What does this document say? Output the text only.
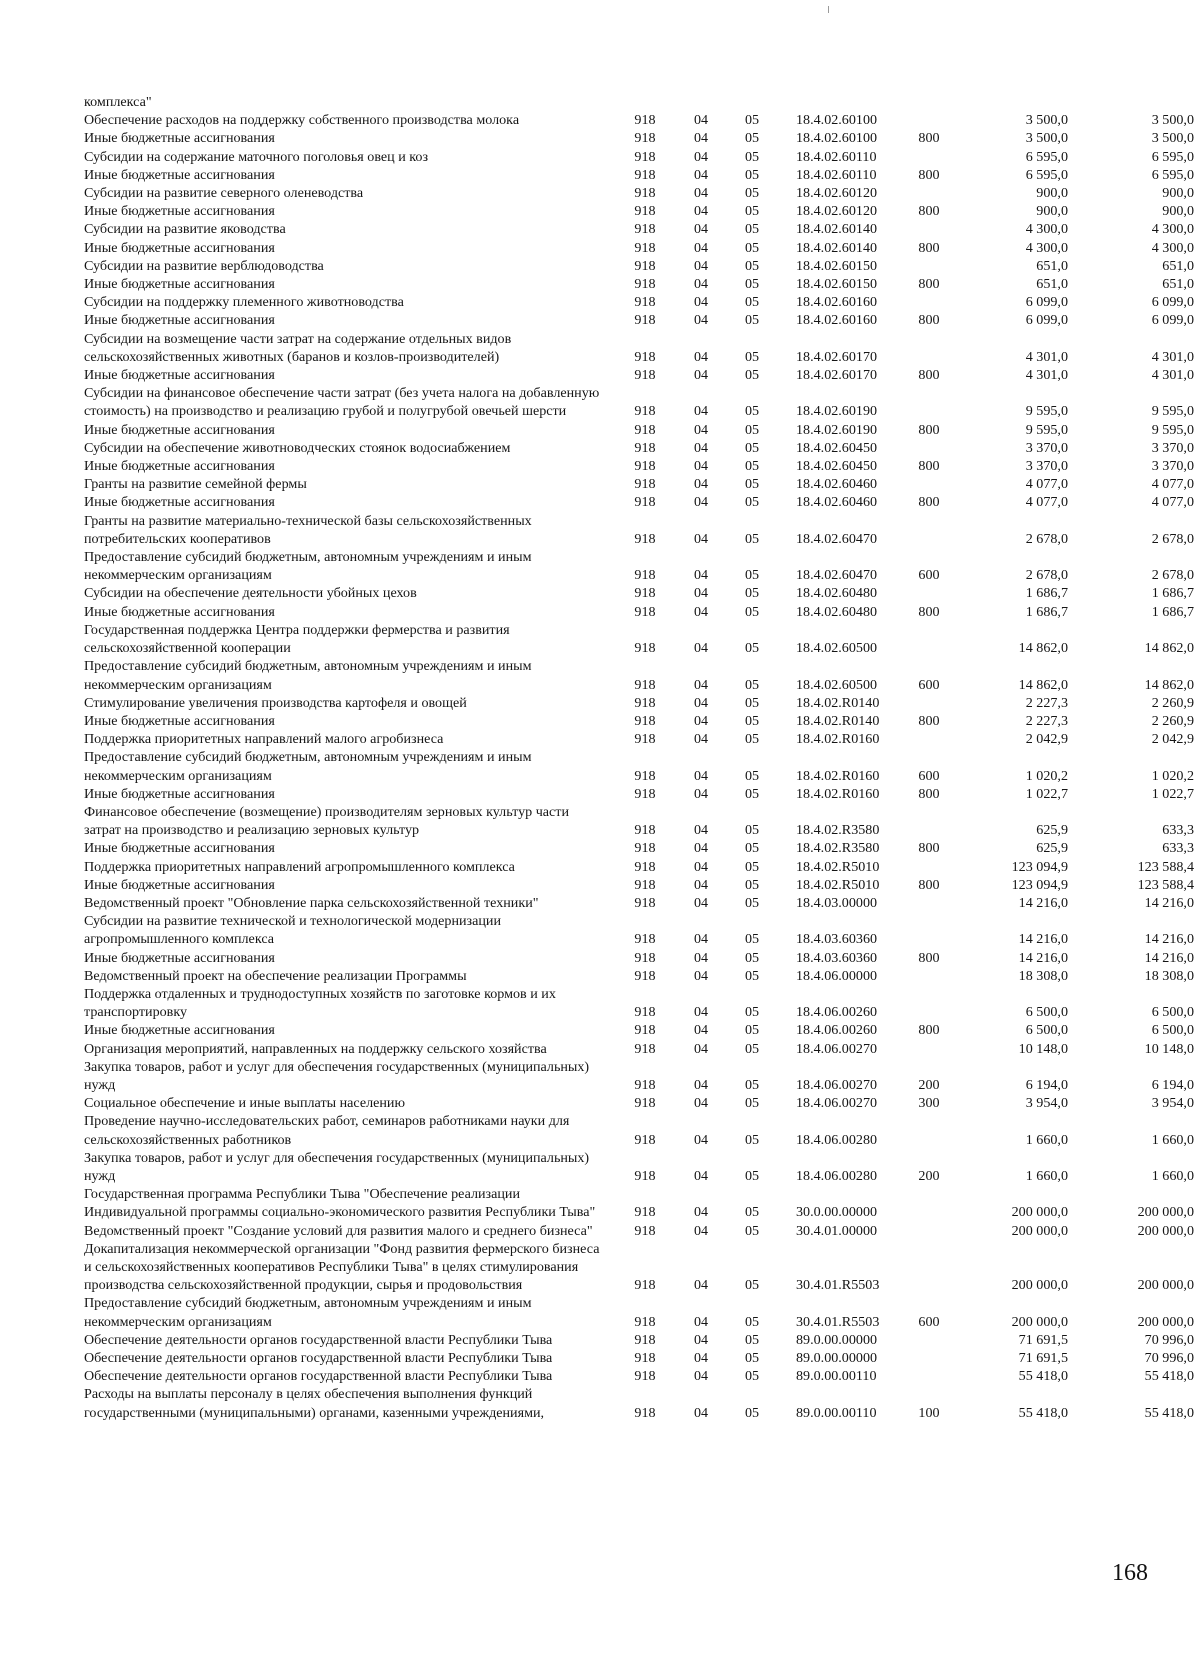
комплекса"							
Обеспечение расходов на поддержку собственного производства молока	918	04	05	18.4.02.60100		3 500,0	3 500,0
Иные бюджетные ассигнования	918	04	05	18.4.02.60100	800	3 500,0	3 500,0
Субсидии на содержание маточного поголовья овец и коз	918	04	05	18.4.02.60110		6 595,0	6 595,0
Иные бюджетные ассигнования	918	04	05	18.4.02.60110	800	6 595,0	6 595,0
Субсидии на развитие северного оленеводства	918	04	05	18.4.02.60120		900,0	900,0
Иные бюджетные ассигнования	918	04	05	18.4.02.60120	800	900,0	900,0
Субсидии на развитие яководства	918	04	05	18.4.02.60140		4 300,0	4 300,0
Иные бюджетные ассигнования	918	04	05	18.4.02.60140	800	4 300,0	4 300,0
Субсидии на развитие верблюдоводства	918	04	05	18.4.02.60150		651,0	651,0
Иные бюджетные ассигнования	918	04	05	18.4.02.60150	800	651,0	651,0
Субсидии на поддержку племенного животноводства	918	04	05	18.4.02.60160		6 099,0	6 099,0
Иные бюджетные ассигнования	918	04	05	18.4.02.60160	800	6 099,0	6 099,0
Субсидии на возмещение части затрат на содержание отдельных видов сельскохозяйственных животных (баранов и козлов-производителей)	918	04	05	18.4.02.60170		4 301,0	4 301,0
Иные бюджетные ассигнования	918	04	05	18.4.02.60170	800	4 301,0	4 301,0
Субсидии на финансовое обеспечение части затрат (без учета налога на добавленную стоимость) на производство и реализацию грубой и полугрубой овечьей шерсти	918	04	05	18.4.02.60190		9 595,0	9 595,0
Иные бюджетные ассигнования	918	04	05	18.4.02.60190	800	9 595,0	9 595,0
Субсидии на обеспечение животноводческих стоянок водосиабжением	918	04	05	18.4.02.60450		3 370,0	3 370,0
Иные бюджетные ассигнования	918	04	05	18.4.02.60450	800	3 370,0	3 370,0
Гранты на развитие семейной фермы	918	04	05	18.4.02.60460		4 077,0	4 077,0
Иные бюджетные ассигнования	918	04	05	18.4.02.60460	800	4 077,0	4 077,0
Гранты на развитие материально-технической базы сельскохозяйственных потребительских кооперативов	918	04	05	18.4.02.60470		2 678,0	2 678,0
Предоставление субсидий бюджетным, автономным учреждениям и иным некоммерческим организациям	918	04	05	18.4.02.60470	600	2 678,0	2 678,0
Субсидии на обеспечение деятельности убойных цехов	918	04	05	18.4.02.60480		1 686,7	1 686,7
Иные бюджетные ассигнования	918	04	05	18.4.02.60480	800	1 686,7	1 686,7
Государственная поддержка Центра поддержки фермерства и развития сельскохозяйственной кооперации	918	04	05	18.4.02.60500		14 862,0	14 862,0
Предоставление субсидий бюджетным, автономным учреждениям и иным некоммерческим организациям	918	04	05	18.4.02.60500	600	14 862,0	14 862,0
Стимулирование увеличения производства картофеля и овощей	918	04	05	18.4.02.R0140		2 227,3	2 260,9
Иные бюджетные ассигнования	918	04	05	18.4.02.R0140	800	2 227,3	2 260,9
Поддержка приоритетных направлений малого агробизнеса	918	04	05	18.4.02.R0160		2 042,9	2 042,9
Предоставление субсидий бюджетным, автономным учреждениям и иным некоммерческим организациям	918	04	05	18.4.02.R0160	600	1 020,2	1 020,2
Иные бюджетные ассигнования	918	04	05	18.4.02.R0160	800	1 022,7	1 022,7
Финансовое обеспечение (возмещение) производителям зерновых культур части затрат на производство и реализацию зерновых культур	918	04	05	18.4.02.R3580		625,9	633,3
Иные бюджетные ассигнования	918	04	05	18.4.02.R3580	800	625,9	633,3
Поддержка приоритетных направлений агропромышленного комплекса	918	04	05	18.4.02.R5010		123 094,9	123 588,4
Иные бюджетные ассигнования	918	04	05	18.4.02.R5010	800	123 094,9	123 588,4
Ведомственный проект "Обновление парка сельскохозяйственной техники"	918	04	05	18.4.03.00000		14 216,0	14 216,0
Субсидии на развитие технической и технологической модернизации агропромышленного комплекса	918	04	05	18.4.03.60360		14 216,0	14 216,0
Иные бюджетные ассигнования	918	04	05	18.4.03.60360	800	14 216,0	14 216,0
Ведомственный проект на обеспечение реализации Программы	918	04	05	18.4.06.00000		18 308,0	18 308,0
Поддержка отдаленных и труднодоступных хозяйств по заготовке кормов и их транспортировку	918	04	05	18.4.06.00260		6 500,0	6 500,0
Иные бюджетные ассигнования	918	04	05	18.4.06.00260	800	6 500,0	6 500,0
Организация мероприятий, направленных на поддержку сельского хозяйства	918	04	05	18.4.06.00270		10 148,0	10 148,0
Закупка товаров, работ и услуг для обеспечения государственных (муниципальных) нужд	918	04	05	18.4.06.00270	200	6 194,0	6 194,0
Социальное обеспечение и иные выплаты населению	918	04	05	18.4.06.00270	300	3 954,0	3 954,0
Проведение научно-исследовательских работ, семинаров работниками науки для сельскохозяйственных работников	918	04	05	18.4.06.00280		1 660,0	1 660,0
Закупка товаров, работ и услуг для обеспечения государственных (муниципальных) нужд	918	04	05	18.4.06.00280	200	1 660,0	1 660,0
Государственная программа Республики Тыва "Обеспечение реализации Индивидуальной программы социально-экономического развития Республики Тыва"	918	04	05	30.0.00.00000		200 000,0	200 000,0
Ведомственный проект "Создание условий для развития малого и среднего бизнеса"	918	04	05	30.4.01.00000		200 000,0	200 000,0
Докапитализация некоммерческой организации "Фонд развития фермерского бизнеса и сельскохозяйственных кооперативов Республики Тыва" в целях стимулирования производства сельскохозяйственной продукции, сырья и продовольствия	918	04	05	30.4.01.R5503		200 000,0	200 000,0
Предоставление субсидий бюджетным, автономным учреждениям и иным некоммерческим организациям	918	04	05	30.4.01.R5503	600	200 000,0	200 000,0
Обеспечение деятельности органов государственной власти Республики Тыва	918	04	05	89.0.00.00000		71 691,5	70 996,0
Обеспечение деятельности органов государственной власти Республики Тыва	918	04	05	89.0.00.00000		71 691,5	70 996,0
Обеспечение деятельности органов государственной власти Республики Тыва	918	04	05	89.0.00.00110		55 418,0	55 418,0
Расходы на выплаты персоналу в целях обеспечения выполнения функций государственными (муниципальными) органами, казенными учреждениями,	918	04	05	89.0.00.00110	100	55 418,0	55 418,0
168
